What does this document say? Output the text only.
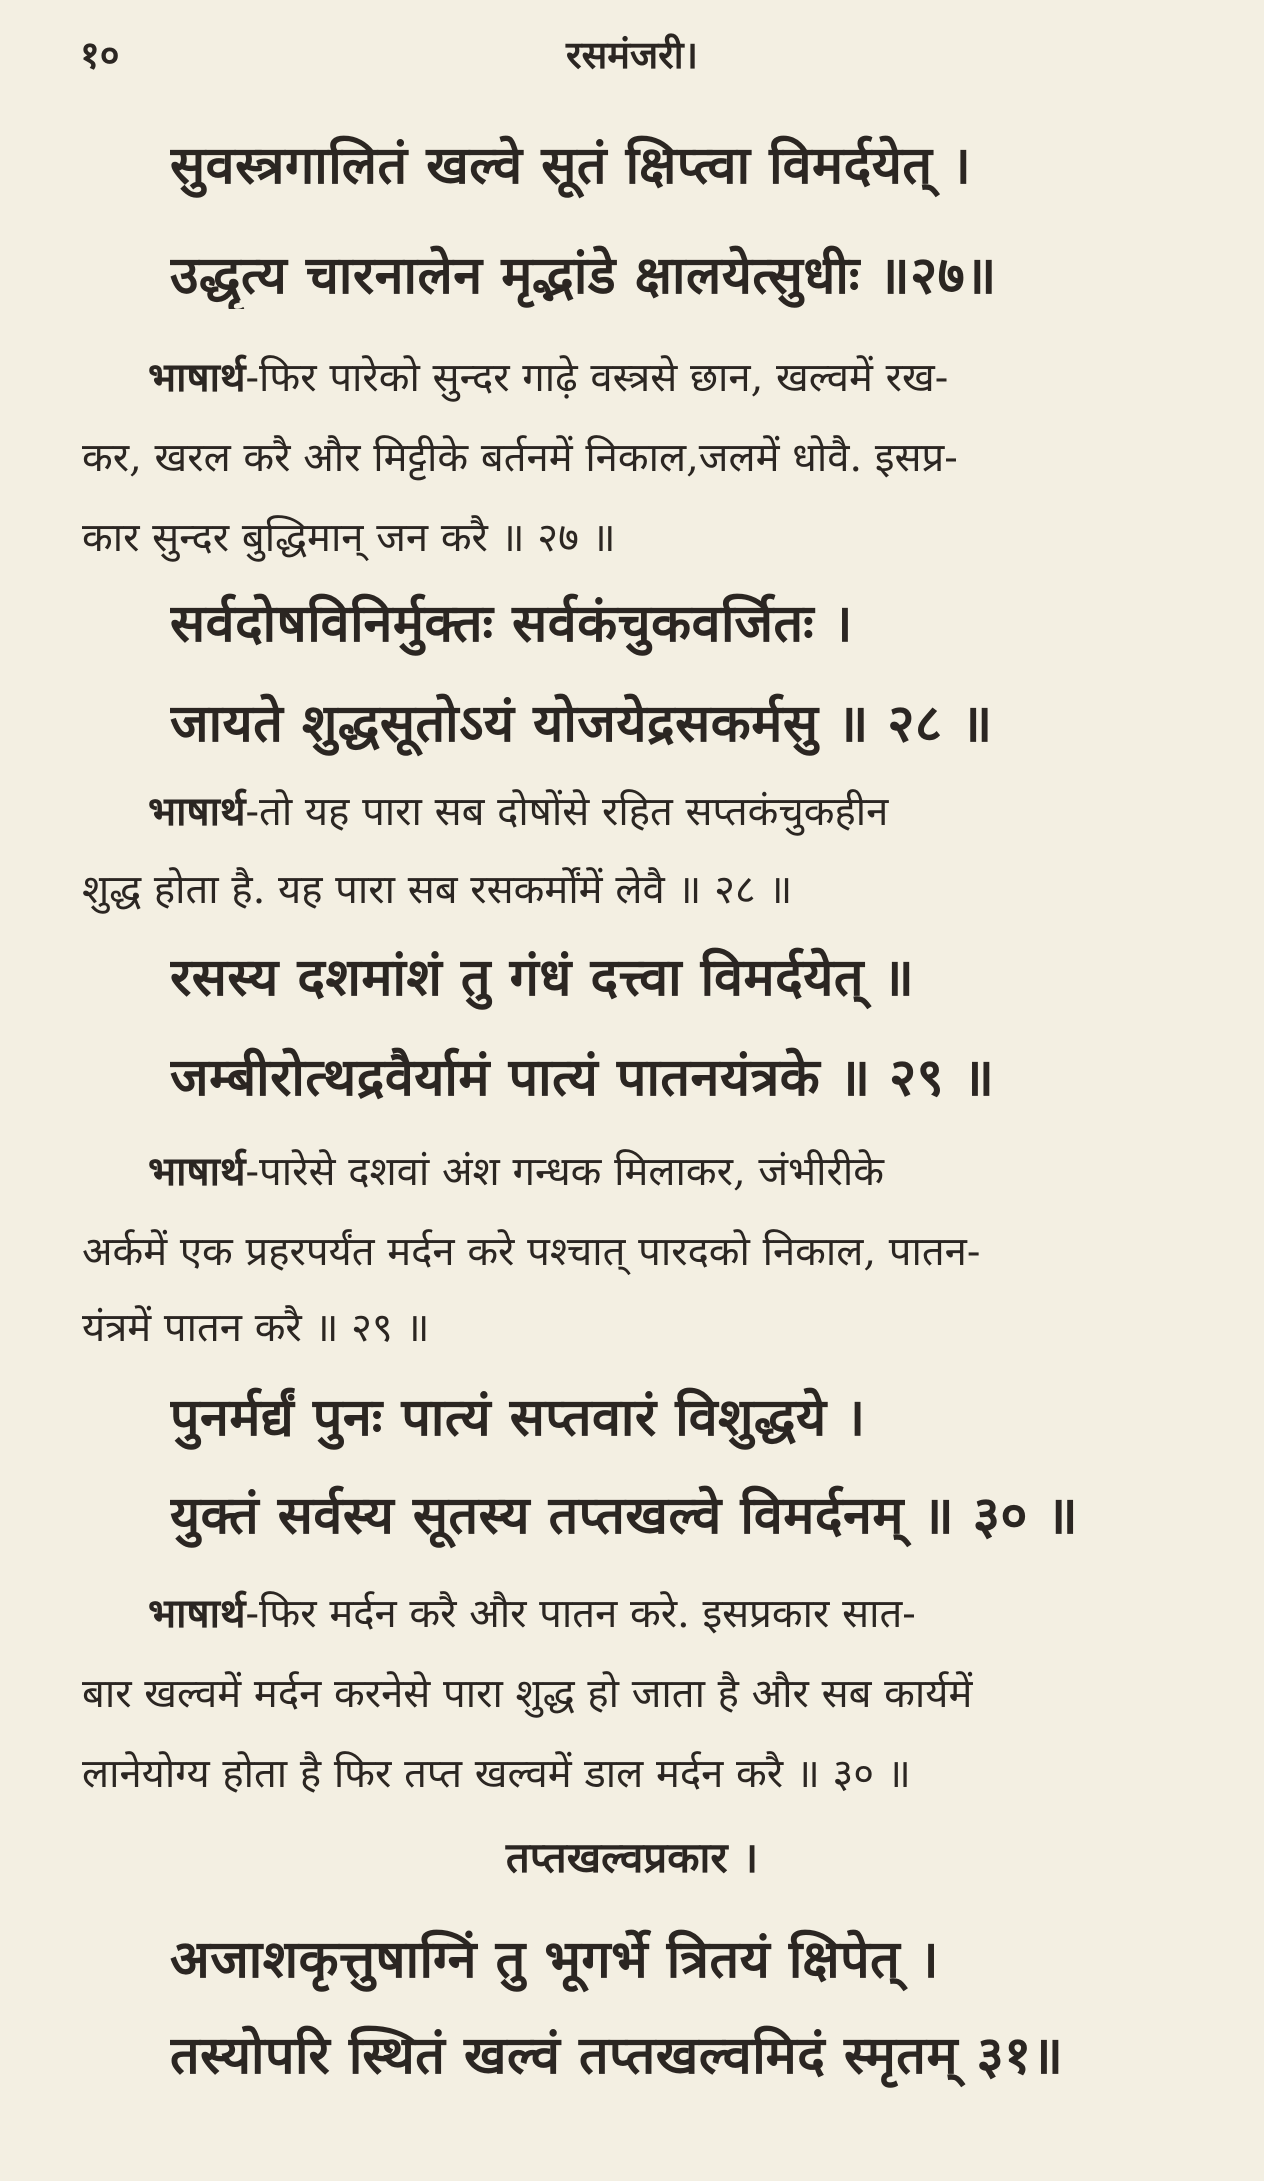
१०	रसमंजरी।
सुवस्त्रगालितं खल्वे सूतं क्षिप्त्वा विमर्दयेत् ।
उद्धृत्य चारनालेन मृद्भांडे क्षालयेत्सुधीः ॥२७॥
भाषार्थ-फिर पारेको सुन्दर गाढ़े वस्त्रसे छान, खल्वमें रख-
कर, खरल करै और मिट्टीके बर्तनमें निकाल,जलमें धोवै. इसप्र-
कार सुन्दर बुद्धिमान् जन करै ॥ २७ ॥
सर्वदोषविनिर्मुक्तः सर्वकंचुकवर्जितः ।
जायते शुद्धसूतोऽयं योजयेद्रसकर्मसु ॥ २८ ॥
भाषार्थ-तो यह पारा सब दोषोंसे रहित सप्तकंचुकहीन
शुद्ध होता है. यह पारा सब रसकर्मोंमें लेवै ॥ २८ ॥
रसस्य दशमांशं तु गंधं दत्त्वा विमर्दयेत् ॥
जम्बीरोत्थद्रवैर्यामं पात्यं पातनयंत्रके ॥ २९ ॥
भाषार्थ-पारेसे दशवां अंश गन्धक मिलाकर, जंभीरीके
अर्कमें एक प्रहरपर्यंत मर्दन करे पश्चात् पारदको निकाल, पातन-
यंत्रमें पातन करै ॥ २९ ॥
पुनर्मर्द्यं पुनः पात्यं सप्तवारं विशुद्धये ।
युक्तं सर्वस्य सूतस्य तप्तखल्वे विमर्दनम् ॥ ३० ॥
भाषार्थ-फिर मर्दन करै और पातन करे. इसप्रकार सात-
बार खल्वमें मर्दन करनेसे पारा शुद्ध हो जाता है और सब कार्यमें
लानेयोग्य होता है फिर तप्त खल्वमें डाल मर्दन करै ॥ ३० ॥
तप्तखल्वप्रकार ।
अजाशकृत्तुषाग्निं तु भूगर्भे त्रितयं क्षिपेत् ।
तस्योपरि स्थितं खल्वं तप्तखल्वमिदं स्मृतम् ३१॥
